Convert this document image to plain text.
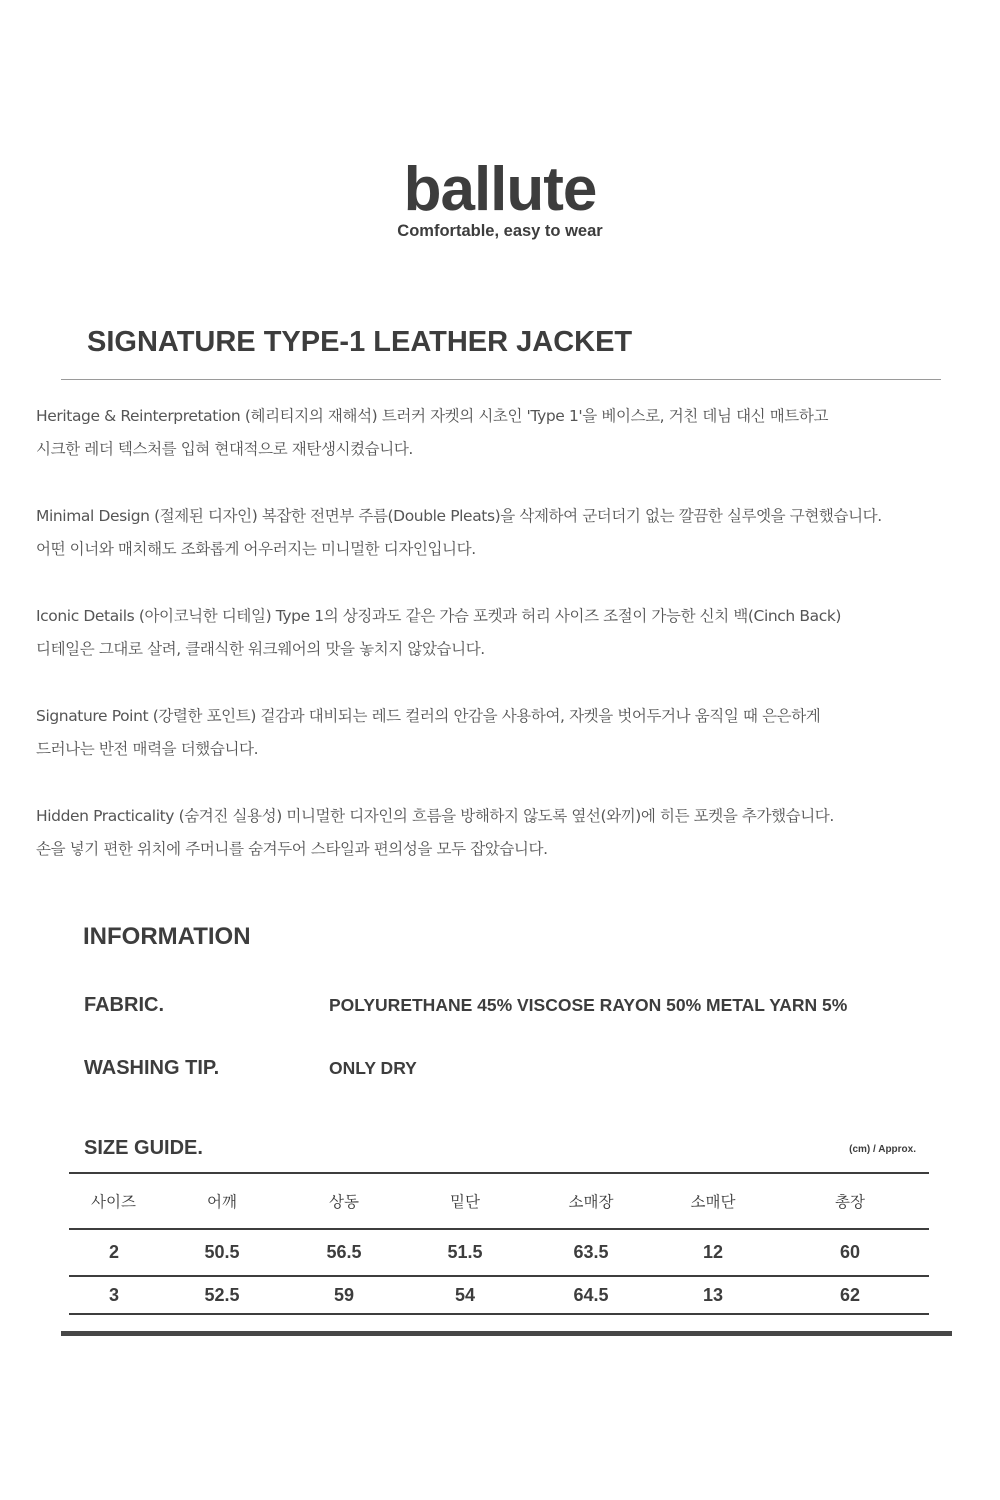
ballute
Comfortable, easy to wear
SIGNATURE TYPE-1 LEATHER JACKET

Heritage & Reinterpretation (헤리티지의 재해석) 트러커 자켓의 시초인 'Type 1'을 베이스로, 거친 데님 대신 매트하고

시크한 레더 텍스처를 입혀 현대적으로 재탄생시켰습니다.

Minimal Design (절제된 디자인) 복잡한 전면부 주름(Double Pleats)을 삭제하여 군더더기 없는 깔끔한 실루엣을 구현했습니다.

어떤 이너와 매치해도 조화롭게 어우러지는 미니멀한 디자인입니다.

Iconic Details (아이코닉한 디테일) Type 1의 상징과도 같은 가슴 포켓과 허리 사이즈 조절이 가능한 신치 백(Cinch Back)

디테일은 그대로 살려, 클래식한 워크웨어의 맛을 놓치지 않았습니다.

Signature Point (강렬한 포인트) 겉감과 대비되는 레드 컬러의 안감을 사용하여, 자켓을 벗어두거나 움직일 때 은은하게

드러나는 반전 매력을 더했습니다.

Hidden Practicality (숨겨진 실용성) 미니멀한 디자인의 흐름을 방해하지 않도록 옆선(와끼)에 히든 포켓을 추가했습니다.

손을 넣기 편한 위치에 주머니를 숨겨두어 스타일과 편의성을 모두 잡았습니다.

INFORMATION
FABRIC.	POLYURETHANE 45% VISCOSE RAYON 50% METAL YARN 5%
WASHING TIP.	ONLY DRY
SIZE GUIDE.	(cm) / Approx.
사이즈	어깨	상동	밑단	소매장	소매단	총장
2	50.5	56.5	51.5	63.5	12	60
3	52.5	59	54	64.5	13	62
